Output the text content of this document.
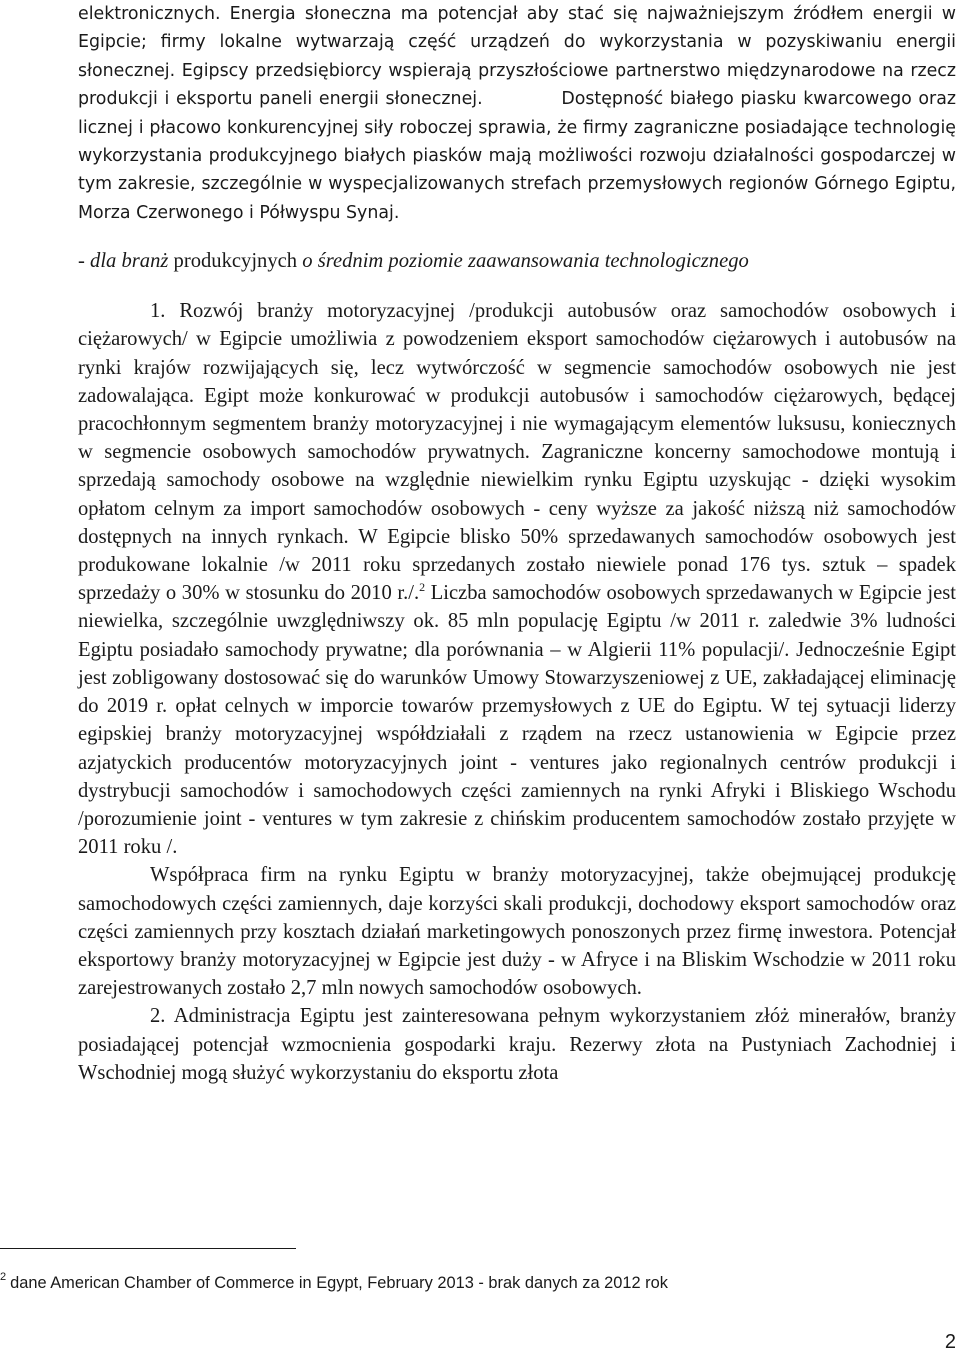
elektronicznych. Energia słoneczna ma potencjał aby stać się najważniejszym źródłem energii w Egipcie; firmy lokalne wytwarzają część urządzeń do wykorzystania w pozyskiwaniu energii słonecznej. Egipscy przedsiębiorcy wspierają przyszłościowe partnerstwo międzynarodowe na rzecz produkcji i eksportu paneli energii słonecznej.	Dostępność białego piasku kwarcowego oraz licznej i płacowo konkurencyjnej siły roboczej sprawia, że firmy zagraniczne posiadające technologię wykorzystania produkcyjnego białych piasków mają możliwości rozwoju działalności gospodarczej w tym zakresie, szczególnie w wyspecjalizowanych strefach przemysłowych regionów Górnego Egiptu, Morza Czerwonego i Półwyspu Synaj.

- dla branż produkcyjnych o średnim poziomie zaawansowania technologicznego

1. Rozwój branży motoryzacyjnej /produkcji autobusów oraz samochodów osobowych i ciężarowych/ w Egipcie umożliwia z powodzeniem eksport samochodów ciężarowych i autobusów na rynki krajów rozwijających się, lecz wytwórczość w segmencie samochodów osobowych nie jest zadowalająca. Egipt może konkurować w produkcji autobusów i samochodów ciężarowych, będącej pracochłonnym segmentem branży motoryzacyjnej i nie wymagającym elementów luksusu, koniecznych w segmencie osobowych samochodów prywatnych. Zagraniczne koncerny samochodowe montują i sprzedają samochody osobowe na względnie niewielkim rynku Egiptu uzyskując - dzięki wysokim opłatom celnym za import samochodów osobowych - ceny wyższe za jakość niższą niż samochodów dostępnych na innych rynkach. W Egipcie blisko 50% sprzedawanych samochodów osobowych jest produkowane lokalnie /w 2011 roku sprzedanych zostało niewiele ponad 176 tys. sztuk – spadek sprzedaży o 30% w stosunku do 2010 r./.$^2$ Liczba samochodów osobowych sprzedawanych w Egipcie jest niewielka, szczególnie uwzględniwszy ok. 85 mln populację Egiptu /w 2011 r. zaledwie 3% ludności Egiptu posiadało samochody prywatne; dla porównania – w Algierii 11% populacji/. Jednocześnie Egipt jest zobligowany dostosować się do warunków Umowy Stowarzyszeniowej z UE, zakładającej eliminację do 2019 r. opłat celnych w imporcie towarów przemysłowych z UE do Egiptu. W tej sytuacji liderzy egipskiej branży motoryzacyjnej współdziałali z rządem na rzecz ustanowienia w Egipcie przez azjatyckich producentów motoryzacyjnych joint - ventures jako regionalnych centrów produkcji i dystrybucji samochodów i samochodowych części zamiennych na rynki Afryki i Bliskiego Wschodu /porozumienie joint - ventures w tym zakresie z chińskim producentem samochodów zostało przyjęte w 2011 roku /.

Współpraca firm na rynku Egiptu w branży motoryzacyjnej, także obejmującej produkcję samochodowych części zamiennych, daje korzyści skali produkcji, dochodowy eksport samochodów oraz części zamiennych przy kosztach działań marketingowych ponoszonych przez firmę inwestora. Potencjał eksportowy branży motoryzacyjnej w Egipcie jest duży - w Afryce i na Bliskim Wschodzie w 2011 roku zarejestrowanych zostało 2,7 mln nowych samochodów osobowych.

2. Administracja Egiptu jest zainteresowana pełnym wykorzystaniem złóż minerałów, branży posiadającej potencjał wzmocnienia gospodarki kraju. Rezerwy złota na Pustyniach Zachodniej i Wschodniej mogą służyć wykorzystaniu do eksportu złota

$^2$ dane American Chamber of Commerce in Egypt, February 2013 - brak danych za 2012 rok
2
